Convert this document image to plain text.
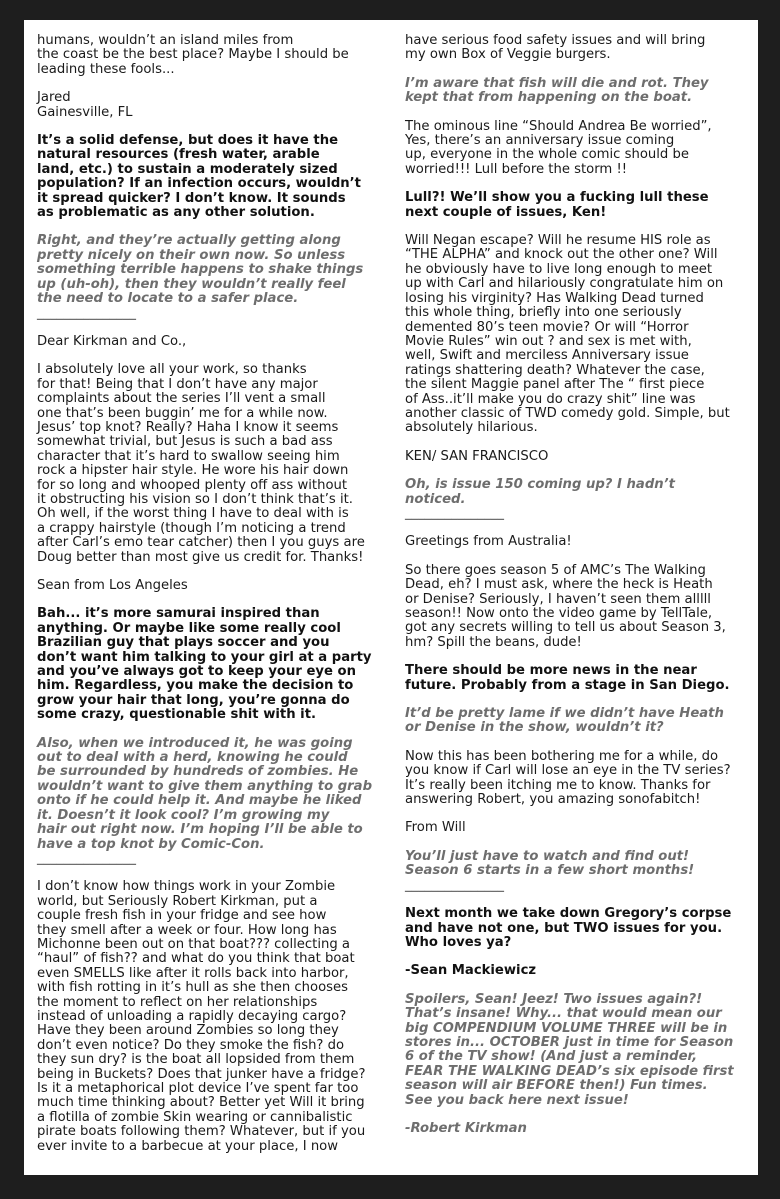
humans, wouldn’t an island miles from
the coast be the best place? Maybe I should be
leading these fools...

Jared
Gainesville, FL

It’s a solid defense, but does it have the
natural resources (fresh water, arable
land, etc.) to sustain a moderately sized
population? If an infection occurs, wouldn’t
it spread quicker? I don’t know. It sounds
as problematic as any other solution.

Right, and they’re actually getting along
pretty nicely on their own now. So unless
something terrible happens to shake things
up (uh-oh), then they wouldn’t really feel
the need to locate to a safer place.
_______________

Dear Kirkman and Co.,

I absolutely love all your work, so thanks
for that! Being that I don’t have any major
complaints about the series I’ll vent a small
one that’s been buggin’ me for a while now.
Jesus’ top knot? Really? Haha I know it seems
somewhat trivial, but Jesus is such a bad ass
character that it’s hard to swallow seeing him
rock a hipster hair style. He wore his hair down
for so long and whooped plenty off ass without
it obstructing his vision so I don’t think that’s it.
Oh well, if the worst thing I have to deal with is
a crappy hairstyle (though I’m noticing a trend
after Carl’s emo tear catcher) then I you guys are
Doug better than most give us credit for. Thanks!

Sean from Los Angeles

Bah... it’s more samurai inspired than
anything. Or maybe like some really cool
Brazilian guy that plays soccer and you
don’t want him talking to your girl at a party
and you’ve always got to keep your eye on
him. Regardless, you make the decision to
grow your hair that long, you’re gonna do
some crazy, questionable shit with it.

Also, when we introduced it, he was going
out to deal with a herd, knowing he could
be surrounded by hundreds of zombies. He
wouldn’t want to give them anything to grab
onto if he could help it. And maybe he liked
it. Doesn’t it look cool? I’m growing my
hair out right now. I’m hoping I’ll be able to
have a top knot by Comic-Con.
_______________

I don’t know how things work in your Zombie
world, but Seriously Robert Kirkman, put a
couple fresh fish in your fridge and see how
they smell after a week or four. How long has
Michonne been out on that boat??? collecting a
“haul” of fish?? and what do you think that boat
even SMELLS like after it rolls back into harbor,
with fish rotting in it’s hull as she then chooses
the moment to reflect on her relationships
instead of unloading a rapidly decaying cargo?
Have they been around Zombies so long they
don’t even notice? Do they smoke the fish? do
they sun dry? is the boat all lopsided from them
being in Buckets? Does that junker have a fridge?
Is it a metaphorical plot device I’ve spent far too
much time thinking about? Better yet Will it bring
a flotilla of zombie Skin wearing or cannibalistic
pirate boats following them? Whatever, but if you
ever invite to a barbecue at your place, I now

have serious food safety issues and will bring
my own Box of Veggie burgers.

I’m aware that fish will die and rot. They
kept that from happening on the boat.

The ominous line “Should Andrea Be worried”,
Yes, there’s an anniversary issue coming
up, everyone in the whole comic should be
worried!!! Lull before the storm !!

Lull?! We’ll show you a fucking lull these
next couple of issues, Ken!

Will Negan escape? Will he resume HIS role as
“THE ALPHA” and knock out the other one? Will
he obviously have to live long enough to meet
up with Carl and hilariously congratulate him on
losing his virginity? Has Walking Dead turned
this whole thing, briefly into one seriously
demented 80’s teen movie? Or will “Horror
Movie Rules” win out ? and sex is met with,
well, Swift and merciless Anniversary issue
ratings shattering death? Whatever the case,
the silent Maggie panel after The “ first piece
of Ass..it’ll make you do crazy shit” line was
another classic of TWD comedy gold. Simple, but
absolutely hilarious.

KEN/ SAN FRANCISCO

Oh, is issue 150 coming up? I hadn’t
noticed.
_______________

Greetings from Australia!

So there goes season 5 of AMC’s The Walking
Dead, eh? I must ask, where the heck is Heath
or Denise? Seriously, I haven’t seen them alllll
season!! Now onto the video game by TellTale,
got any secrets willing to tell us about Season 3,
hm? Spill the beans, dude!

There should be more news in the near
future. Probably from a stage in San Diego.

It’d be pretty lame if we didn’t have Heath
or Denise in the show, wouldn’t it?

Now this has been bothering me for a while, do
you know if Carl will lose an eye in the TV series?
It’s really been itching me to know. Thanks for
answering Robert, you amazing sonofabitch!

From Will

You’ll just have to watch and find out!
Season 6 starts in a few short months!
_______________

Next month we take down Gregory’s corpse
and have not one, but TWO issues for you.
Who loves ya?

-Sean Mackiewicz

Spoilers, Sean! Jeez! Two issues again?!
That’s insane! Why... that would mean our
big COMPENDIUM VOLUME THREE will be in
stores in... OCTOBER just in time for Season
6 of the TV show! (And just a reminder,
FEAR THE WALKING DEAD’s six episode first
season will air BEFORE then!) Fun times.
See you back here next issue!

-Robert Kirkman
